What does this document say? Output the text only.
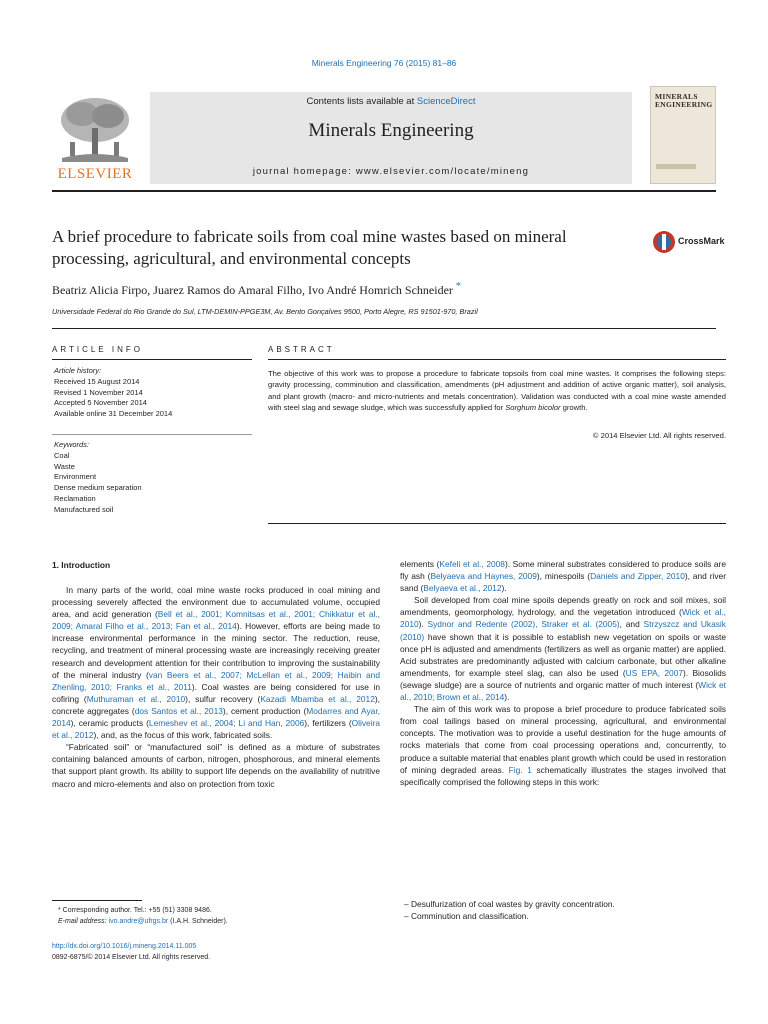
Minerals Engineering 76 (2015) 81–86
ELSEVIER
Contents lists available at ScienceDirect
Minerals Engineering
journal homepage: www.elsevier.com/locate/mineng
MINERALS ENGINEERING
A brief procedure to fabricate soils from coal mine wastes based on mineral processing, agricultural, and environmental concepts
CrossMark
Beatriz Alicia Firpo, Juarez Ramos do Amaral Filho, Ivo André Homrich Schneider *
Universidade Federal do Rio Grande do Sul, LTM-DEMIN-PPGE3M, Av. Bento Gonçalves 9500, Porto Alegre, RS 91501-970, Brazil
ARTICLE INFO
Article history:
Received 15 August 2014
Revised 1 November 2014
Accepted 5 November 2014
Available online 31 December 2014
Keywords:
Coal
Waste
Environment
Dense medium separation
Reclamation
Manufactured soil
ABSTRACT
The objective of this work was to propose a procedure to fabricate topsoils from coal mine wastes. It comprises the following steps: gravity processing, comminution and classification, amendments (pH adjustment and addition of active organic matter), soil analysis, and plant growth (macro- and micro-nutrients and metals concentration). Validation was conducted with a coal mine waste amended with steel slag and sewage sludge, which was successfully applied for Sorghum bicolor growth.
© 2014 Elsevier Ltd. All rights reserved.
1. Introduction

In many parts of the world, coal mine waste rocks produced in coal mining and processing severely affected the environment due to accumulated volume, occupied area, and acid generation (Bell et al., 2001; Komnitsas et al., 2001; Chikkatur et al., 2009; Amaral Filho et al., 2013; Fan et al., 2014). However, efforts are being made to increase environmental performance in the mining sector. The reduction, reuse, recycling, and treatment of mineral processing waste are increasingly receiving greater research and development attention for their contribution to improving the sustainability of the mineral industry (van Beers et al., 2007; McLellan et al., 2009; Haibin and Zhenling, 2010; Franks et al., 2011). Coal wastes are being considered for use in cofiring (Muthuraman et al., 2010), sulfur recovery (Kazadi Mbamba et al., 2012), concrete aggregates (dos Santos et al., 2013), cement production (Modarres and Ayar, 2014), ceramic products (Lemeshev et al., 2004; Li and Han, 2006), fertilizers (Oliveira et al., 2012), and, as the focus of this work, fabricated soils.

“Fabricated soil” or “manufactured soil” is defined as a mixture of substrates containing balanced amounts of carbon, nitrogen, phosphorous, and mineral elements that support plant growth. Its ability to support life depends on the availability of nutritive macro and micro-elements and also on protection from toxic

elements (Kefeli et al., 2008). Some mineral substrates considered to produce soils are fly ash (Belyaeva and Haynes, 2009), minespoils (Daniels and Zipper, 2010), and river sand (Belyaeva et al., 2012).

Soil developed from coal mine spoils depends greatly on rock and soil mixes, soil amendments, geomorphology, hydrology, and the vegetation introduced (Wick et al., 2010). Sydnor and Redente (2002), Straker et al. (2005), and Strzyszcz and Ukasik (2010) have shown that it is possible to establish new vegetation on spoils or waste once pH is adjusted and amendments (fertilizers as well as organic matter) are applied. Acid substrates are predominantly adjusted with calcium carbonate, but other alkaline amendments, for example steel slag, can also be used (US EPA, 2007). Biosolids (sewage sludge) are a source of nutrients and organic matter of much interest (Wick et al., 2010; Brown et al., 2014).

The aim of this work was to propose a brief procedure to produce fabricated soils from coal tailings based on mineral processing, agricultural, and environmental concepts. The motivation was to provide a useful destination for the huge amounts of rocks materials that come from coal processing operations and, concurrently, to produce a suitable material that enables plant growth which could be used in restoration of mining degraded areas. Fig. 1 schematically illustrates the stages involved that specifically comprised the following steps in this work:

– Desulfurization of coal wastes by gravity concentration.
– Comminution and classification.
* Corresponding author. Tel.: +55 (51) 3308 9486.
E-mail address: ivo.andre@ufrgs.br (I.A.H. Schneider).
http://dx.doi.org/10.1016/j.mineng.2014.11.005
0892-6875/© 2014 Elsevier Ltd. All rights reserved.
